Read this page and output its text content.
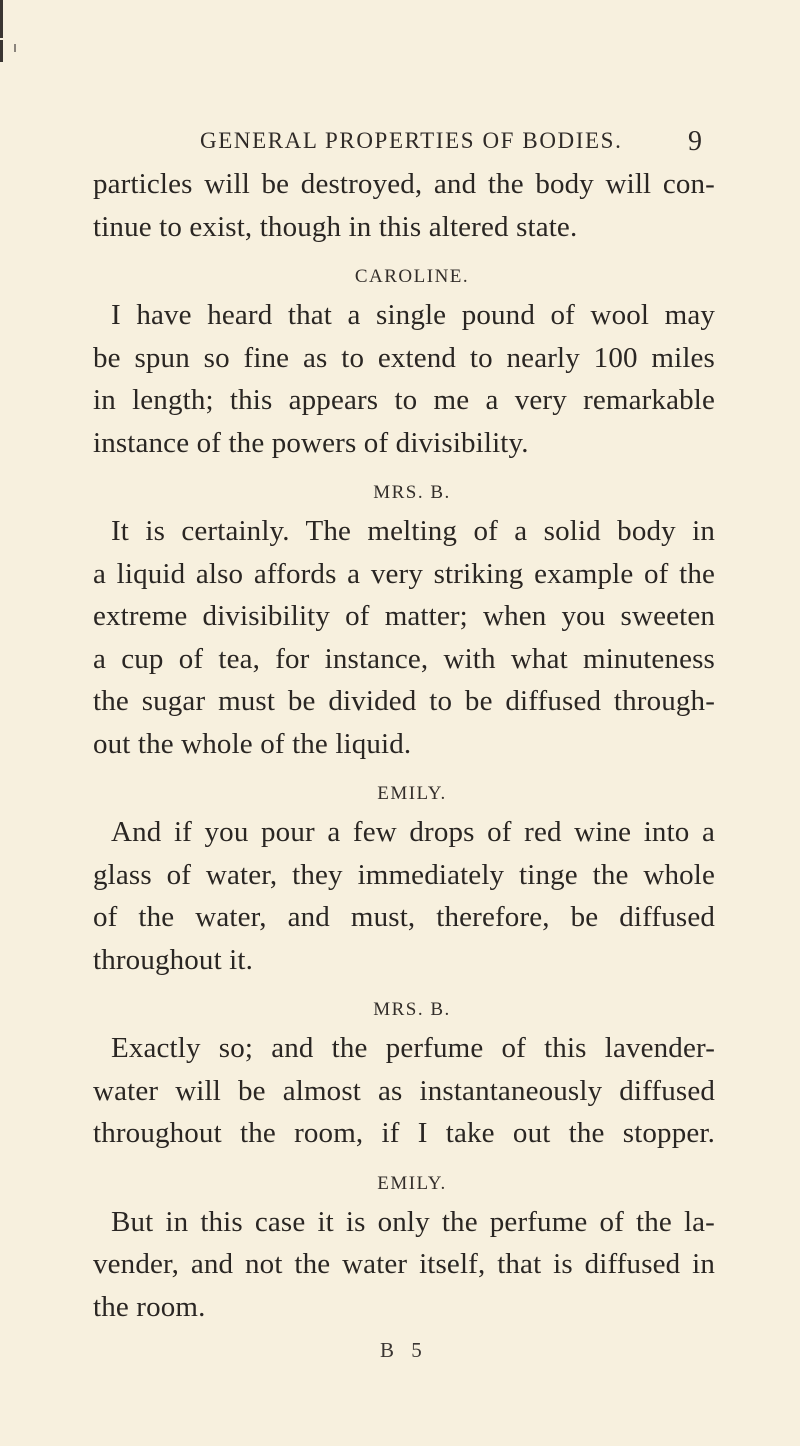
GENERAL PROPERTIES OF BODIES. 9
particles will be destroyed, and the body will con-
tinue to exist, though in this altered state.
CAROLINE.
I have heard that a single pound of wool may
be spun so fine as to extend to nearly 100 miles
in length; this appears to me a very remarkable
instance of the powers of divisibility.
MRS. B.
It is certainly. The melting of a solid body in
a liquid also affords a very striking example of the
extreme divisibility of matter; when you sweeten
a cup of tea, for instance, with what minuteness
the sugar must be divided to be diffused through-
out the whole of the liquid.
EMILY.
And if you pour a few drops of red wine into a
glass of water, they immediately tinge the whole
of the water, and must, therefore, be diffused
throughout it.
MRS. B.
Exactly so; and the perfume of this lavender-
water will be almost as instantaneously diffused
throughout the room, if I take out the stopper.
EMILY.
But in this case it is only the perfume of the la-
vender, and not the water itself, that is diffused in
the room.
B 5
